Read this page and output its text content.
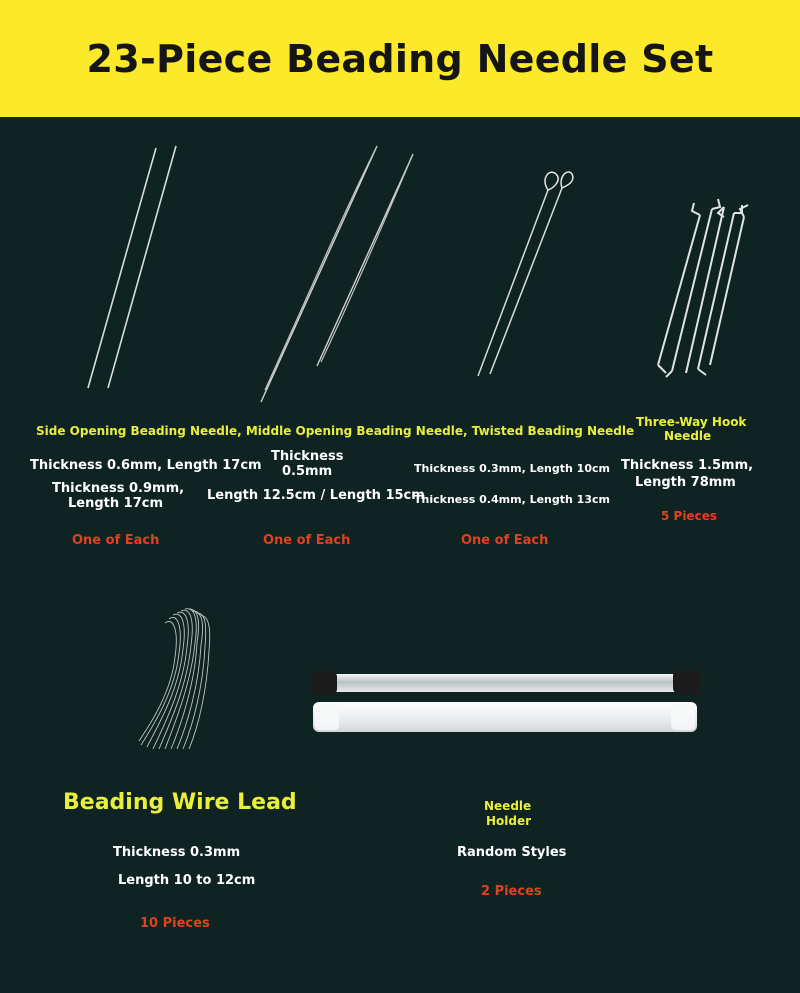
23-Piece Beading Needle Set
Side Opening Beading Needle, Middle Opening Beading Needle, Twisted Beading Needle
Thickness 0.6mm, Length 17cm
Thickness 0.9mm,
Length 17cm
One of Each
Thickness
0.5mm
Length 12.5cm / Length 15cm
One of Each
Thickness 0.3mm, Length 10cm
Thickness 0.4mm, Length 13cm
One of Each
Three-Way Hook
Needle
Thickness 1.5mm,
Length 78mm
5 Pieces
Beading Wire Lead
Thickness 0.3mm
Length 10 to 12cm
10 Pieces
Needle
Holder
Random Styles
2 Pieces
